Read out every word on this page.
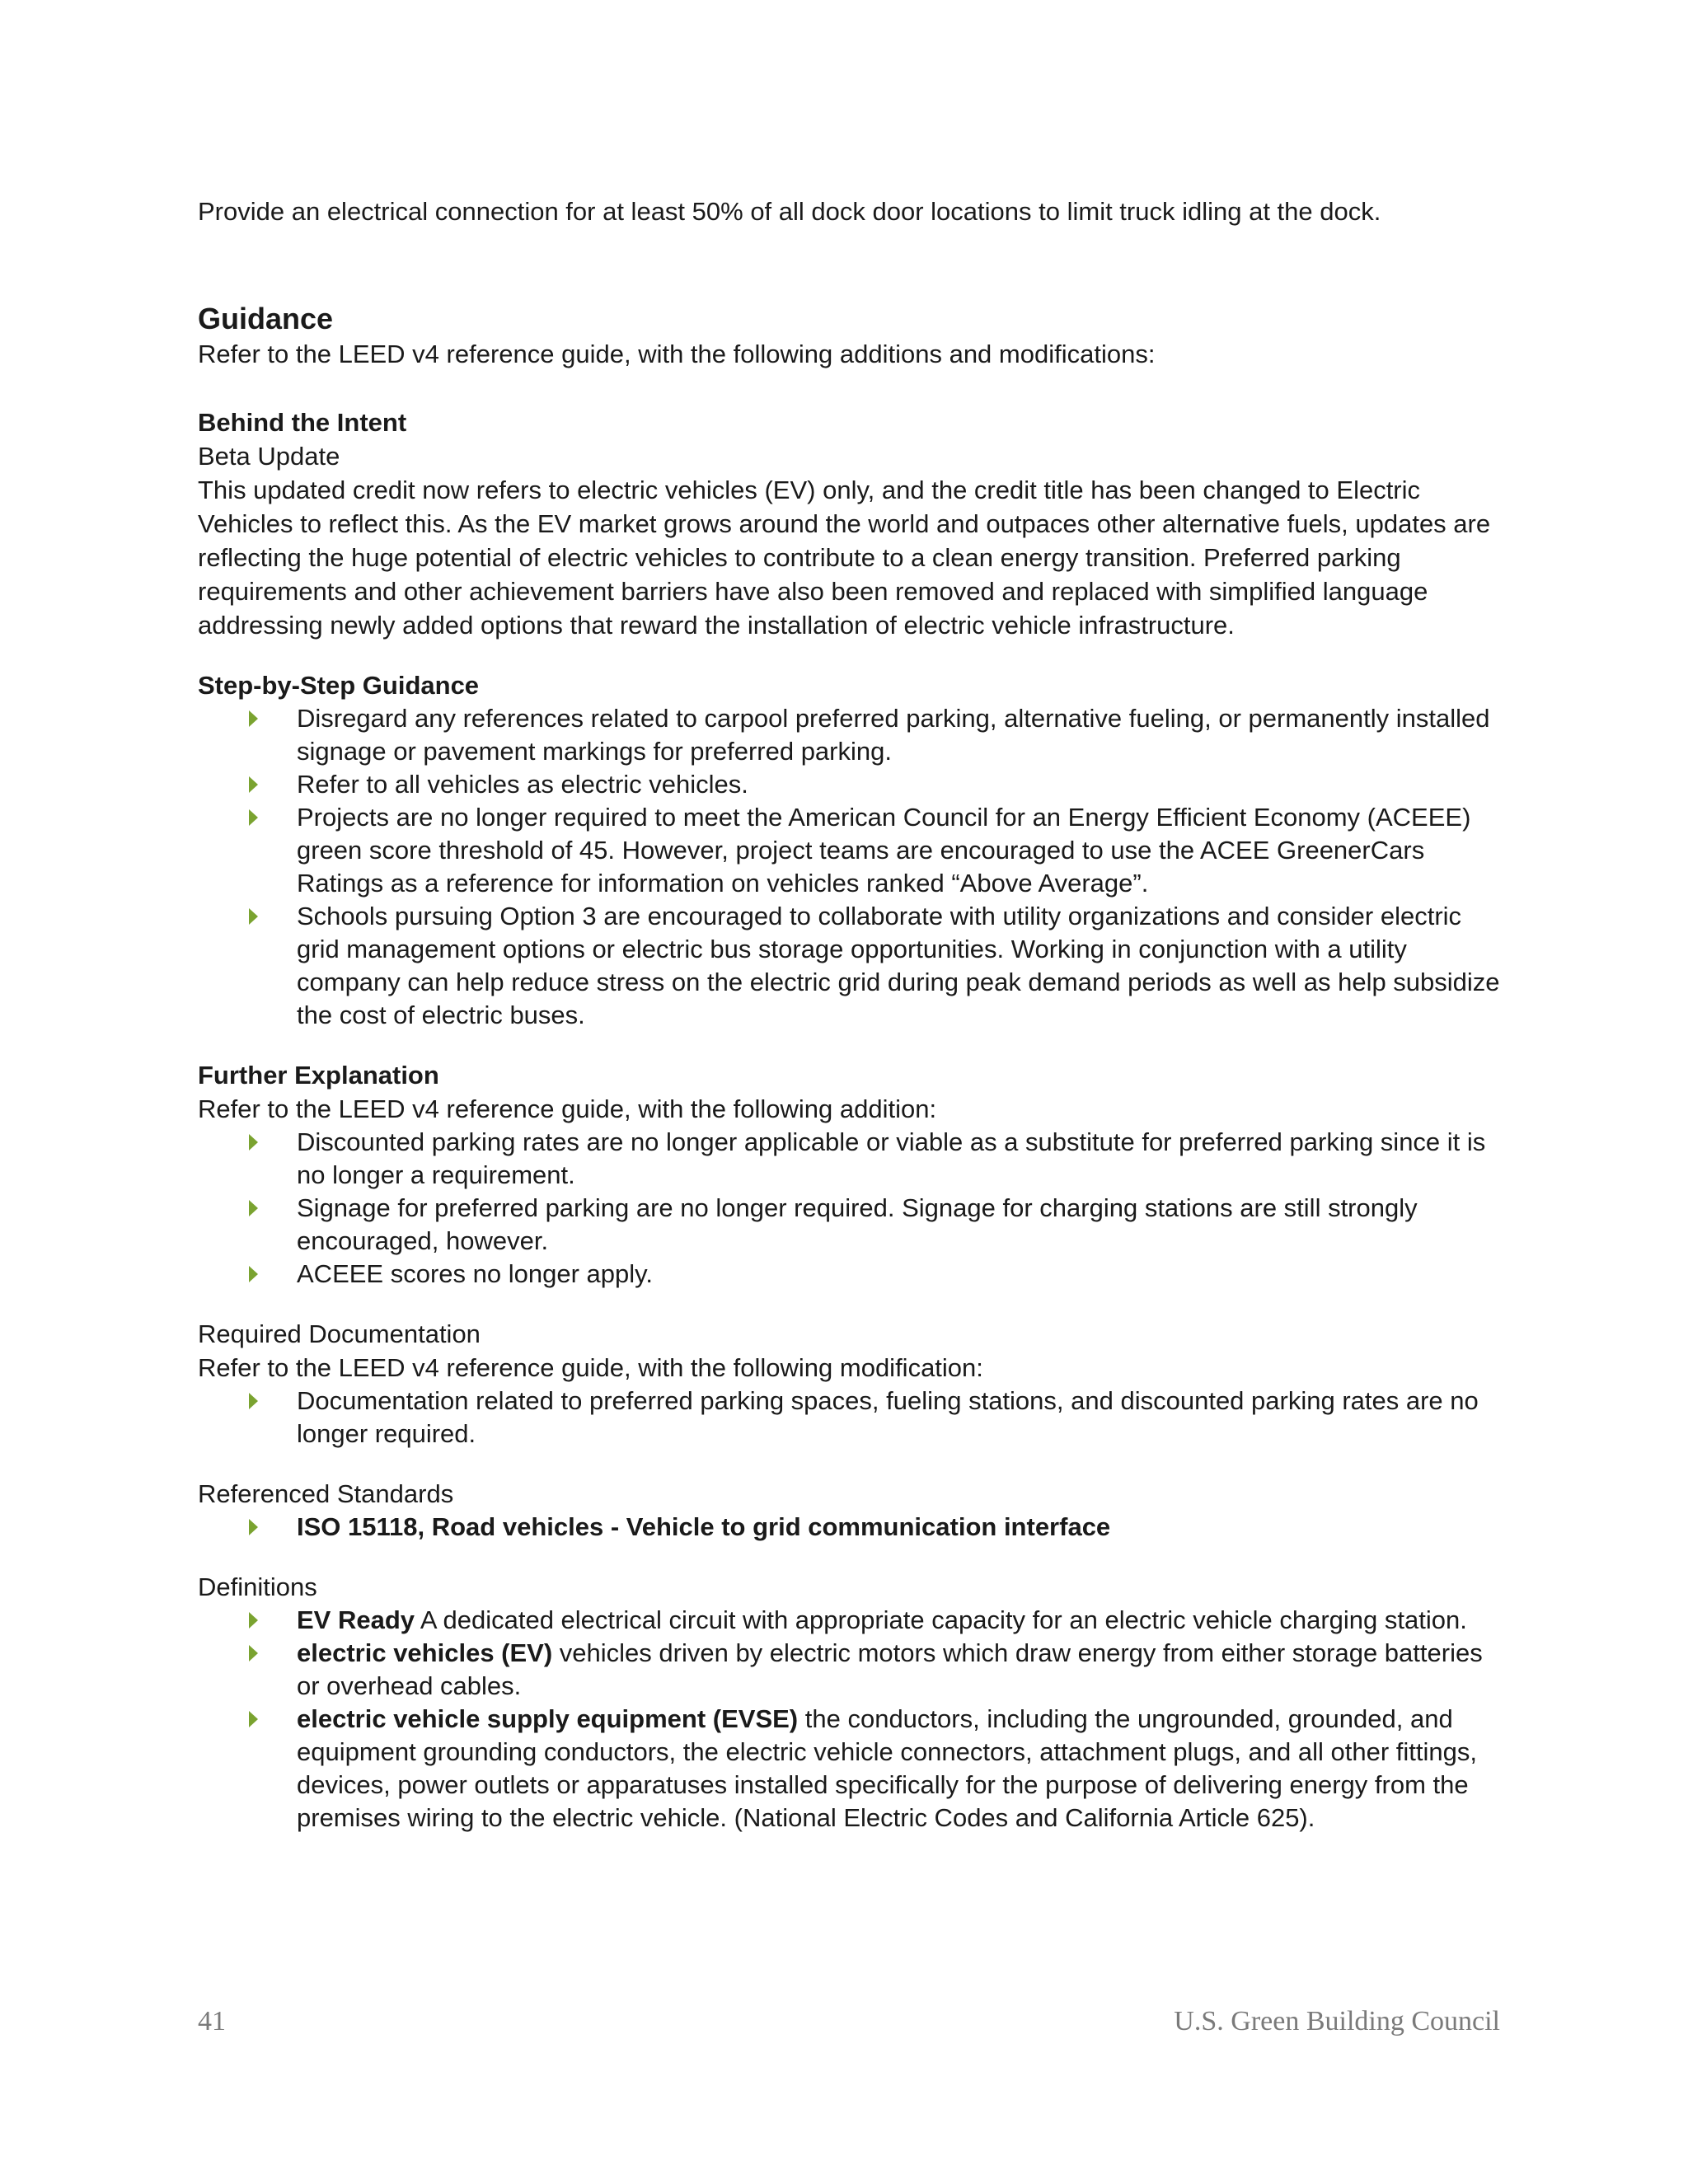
Provide an electrical connection for at least 50% of all dock door locations to limit truck idling at the dock.

Guidance

Refer to the LEED v4 reference guide, with the following additions and modifications:

Behind the Intent
Beta Update

This updated credit now refers to electric vehicles (EV) only, and the credit title has been changed to Electric Vehicles to reflect this. As the EV market grows around the world and outpaces other alternative fuels, updates are reflecting the huge potential of electric vehicles to contribute to a clean energy transition. Preferred parking requirements and other achievement barriers have also been removed and replaced with simplified language addressing newly added options that reward the installation of electric vehicle infrastructure.

Step-by-Step Guidance
Disregard any references related to carpool preferred parking, alternative fueling, or permanently installed signage or pavement markings for preferred parking.
Refer to all vehicles as electric vehicles.
Projects are no longer required to meet the American Council for an Energy Efficient Economy (ACEEE) green score threshold of 45. However, project teams are encouraged to use the ACEE GreenerCars Ratings as a reference for information on vehicles ranked “Above Average”.
Schools pursuing Option 3 are encouraged to collaborate with utility organizations and consider electric grid management options or electric bus storage opportunities. Working in conjunction with a utility company can help reduce stress on the electric grid during peak demand periods as well as help subsidize the cost of electric buses.
Further Explanation

Refer to the LEED v4 reference guide, with the following addition:

Discounted parking rates are no longer applicable or viable as a substitute for preferred parking since it is no longer a requirement.
Signage for preferred parking are no longer required. Signage for charging stations are still strongly encouraged, however.
ACEEE scores no longer apply.
Required Documentation

Refer to the LEED v4 reference guide, with the following modification:

Documentation related to preferred parking spaces, fueling stations, and discounted parking rates are no longer required.
Referenced Standards
ISO 15118, Road vehicles - Vehicle to grid communication interface
Definitions
EV Ready A dedicated electrical circuit with appropriate capacity for an electric vehicle charging station.
electric vehicles (EV) vehicles driven by electric motors which draw energy from either storage batteries or overhead cables.
electric vehicle supply equipment (EVSE) the conductors, including the ungrounded, grounded, and equipment grounding conductors, the electric vehicle connectors, attachment plugs, and all other fittings, devices, power outlets or apparatuses installed specifically for the purpose of delivering energy from the premises wiring to the electric vehicle. (National Electric Codes and California Article 625).
41	U.S. Green Building Council
